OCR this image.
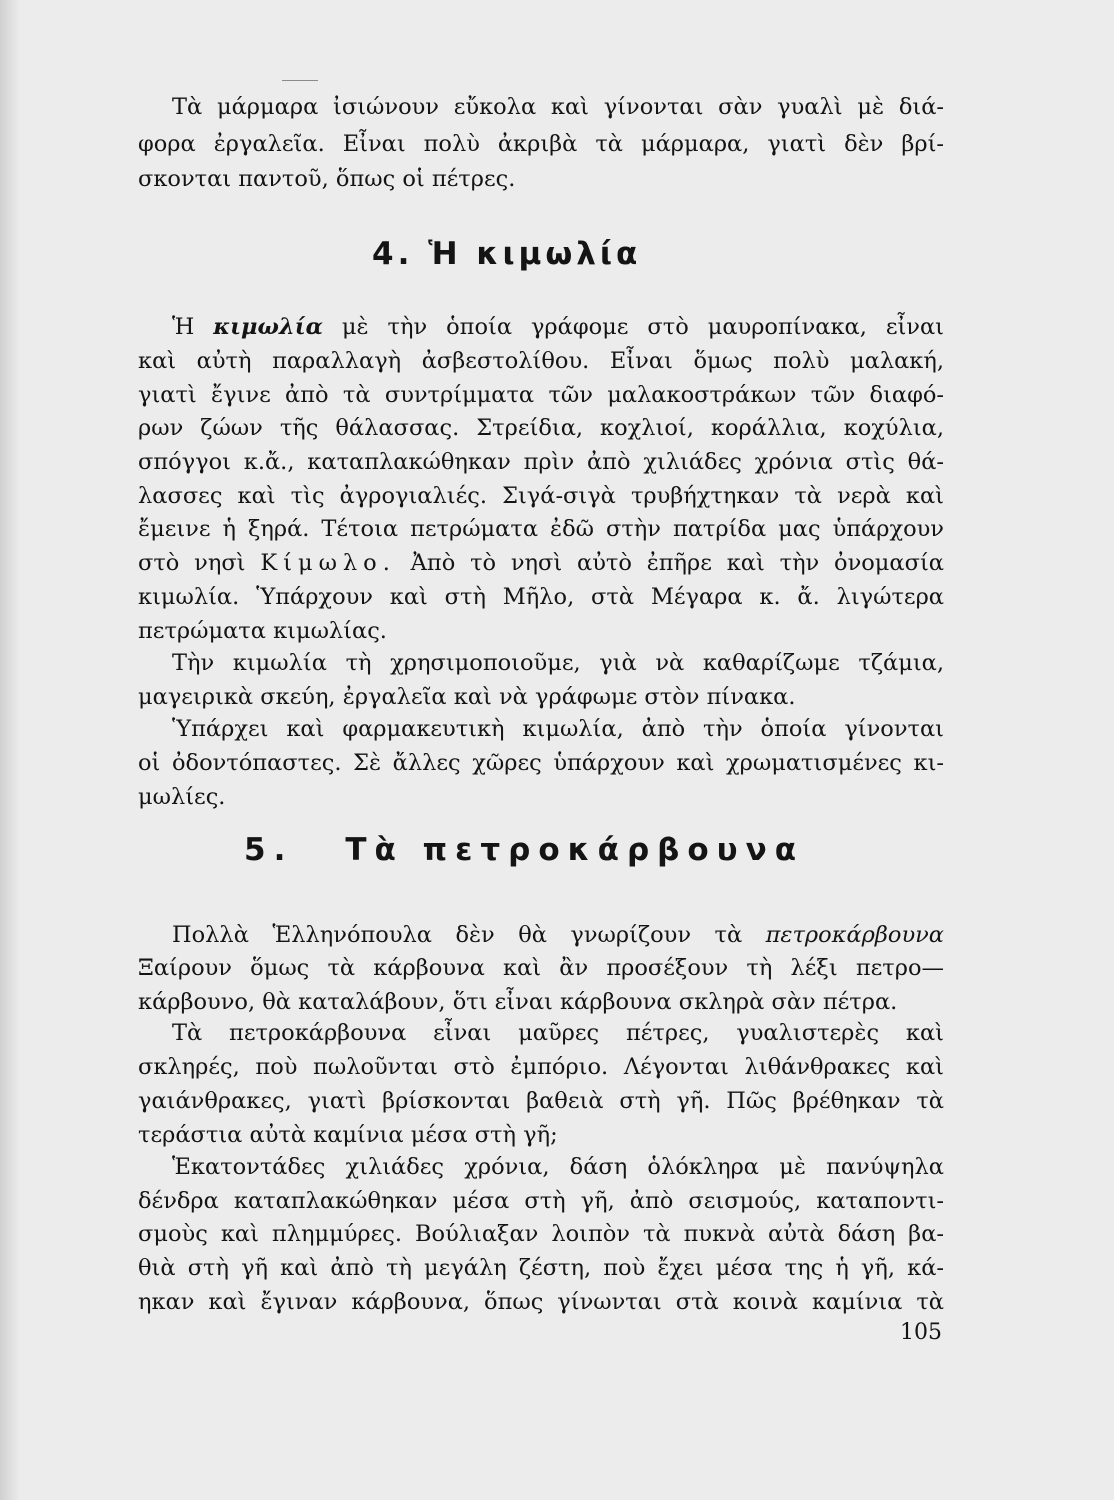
Τὰ μάρμαρα ἰσιώνουν εὔκολα καὶ γίνονται σὰν γυαλὶ μὲ διά-
φορα ἐργαλεῖα. Εἶναι πολὺ ἀκριβὰ τὰ μάρμαρα, γιατὶ δὲν βρί-
σκονται παντοῦ, ὅπως οἱ πέτρες.
4. Ἡ κιμωλία
Ἡ κιμωλία μὲ τὴν ὁποία γράφομε στὸ μαυροπίνακα, εἶναι
καὶ αὐτὴ παραλλαγὴ ἀσβεστολίθου. Εἶναι ὅμως πολὺ μαλακή,
γιατὶ ἔγινε ἀπὸ τὰ συντρίμματα τῶν μαλακοστράκων τῶν διαφό-
ρων ζώων τῆς θάλασσας. Στρείδια, κοχλιοί, κοράλλια, κοχύλια,
σπόγγοι κ.ἄ., καταπλακώθηκαν πρὶν ἀπὸ χιλιάδες χρόνια στὶς θά-
λασσες καὶ τὶς ἀγρογιαλιές. Σιγά-σιγὰ τρυβήχτηκαν τὰ νερὰ καὶ
ἔμεινε ἡ ξηρά. Τέτοια πετρώματα ἐδῶ στὴν πατρίδα μας ὑπάρχουν
στὸ νησὶ Κίμωλο. Ἀπὸ τὸ νησὶ αὐτὸ ἐπῆρε καὶ τὴν ὀνομασία
κιμωλία. Ὑπάρχουν καὶ στὴ Μῆλο, στὰ Μέγαρα κ. ἄ. λιγώτερα
πετρώματα κιμωλίας.
Τὴν κιμωλία τὴ χρησιμοποιοῦμε, γιὰ νὰ καθαρίζωμε τζάμια,
μαγειρικὰ σκεύη, ἐργαλεῖα καὶ νὰ γράφωμε στὸν πίνακα.
Ὑπάρχει καὶ φαρμακευτικὴ κιμωλία, ἀπὸ τὴν ὁποία γίνονται
οἱ ὀδοντόπαστες. Σὲ ἄλλες χῶρες ὑπάρχουν καὶ χρωματισμένες κι-
μωλίες.
5. Τὰ πετροκάρβουνα
Πολλὰ Ἑλληνόπουλα δὲν θὰ γνωρίζουν τὰ πετροκάρβουνα
Ξαίρουν ὅμως τὰ κάρβουνα καὶ ἂν προσέξουν τὴ λέξι πετρο—
κάρβουνο, θὰ καταλάβουν, ὅτι εἶναι κάρβουνα σκληρὰ σὰν πέτρα.
Τὰ πετροκάρβουνα εἶναι μαῦρες πέτρες, γυαλιστερὲς καὶ
σκληρές, ποὺ πωλοῦνται στὸ ἐμπόριο. Λέγονται λιθάνθρακες καὶ
γαιάνθρακες, γιατὶ βρίσκονται βαθειὰ στὴ γῆ. Πῶς βρέθηκαν τὰ
τεράστια αὐτὰ καμίνια μέσα στὴ γῆ;
Ἑκατοντάδες χιλιάδες χρόνια, δάση ὁλόκληρα μὲ πανύψηλα
δένδρα καταπλακώθηκαν μέσα στὴ γῆ, ἀπὸ σεισμούς, καταποντι-
σμοὺς καὶ πλημμύρες. Βούλιαξαν λοιπὸν τὰ πυκνὰ αὐτὰ δάση βα-
θιὰ στὴ γῆ καὶ ἀπὸ τὴ μεγάλη ζέστη, ποὺ ἔχει μέσα της ἡ γῆ, κά-
ηκαν καὶ ἔγιναν κάρβουνα, ὅπως γίνωνται στὰ κοινὰ καμίνια τὰ
105
